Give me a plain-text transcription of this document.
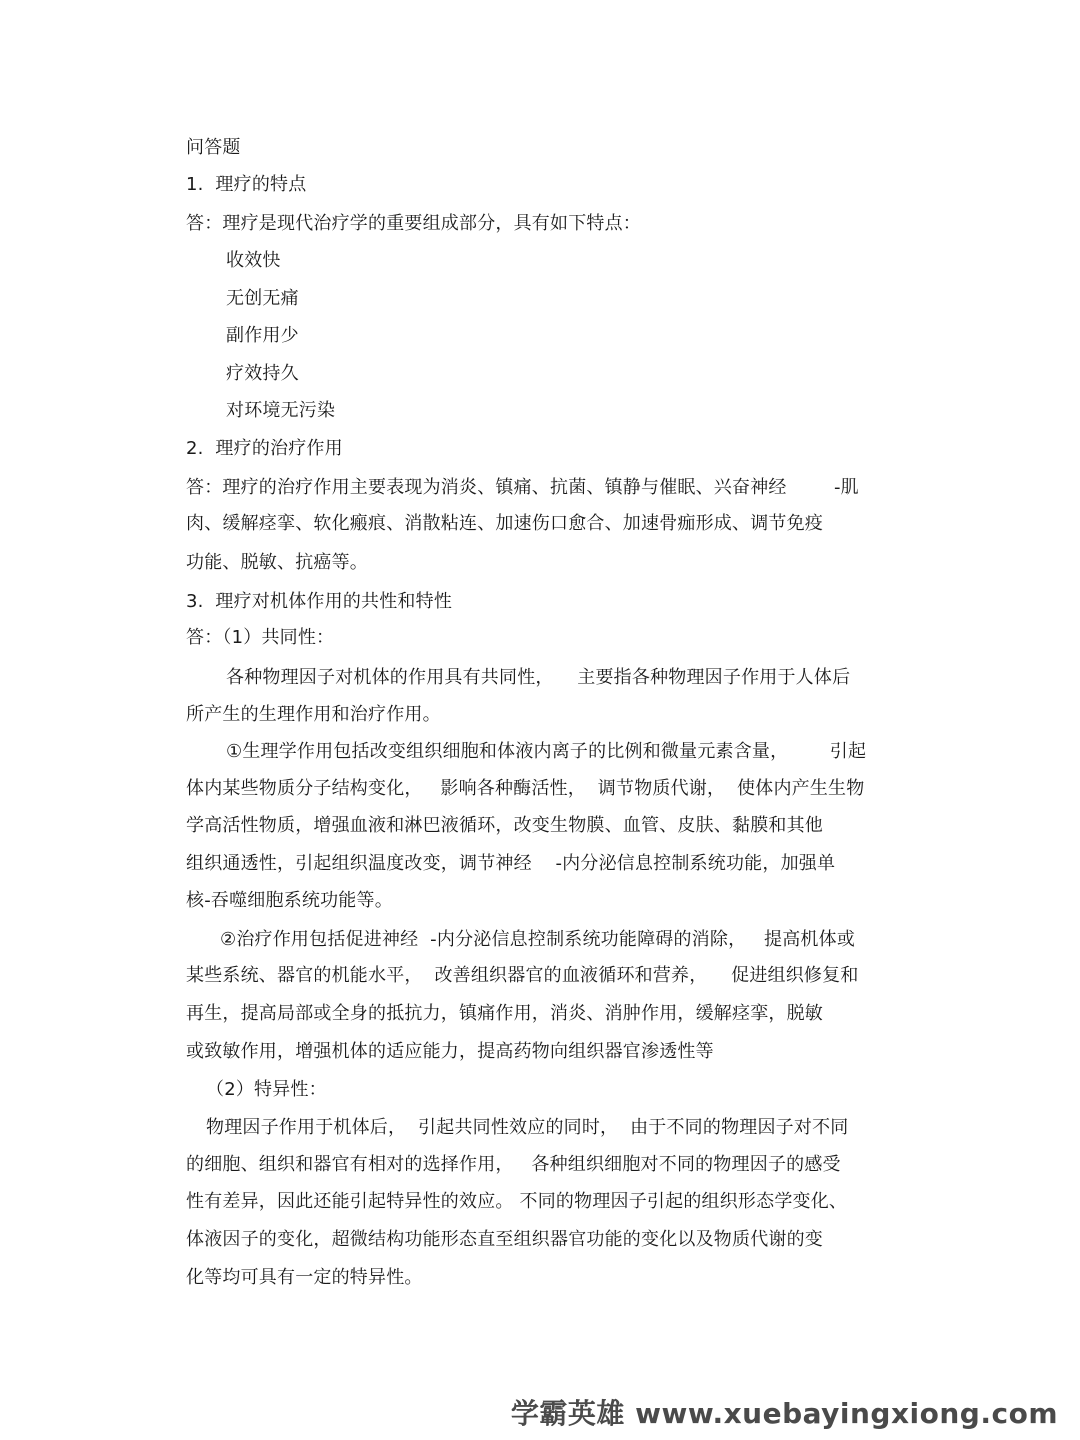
问答题
1.  理疗的特点
答：理疗是现代治疗学的重要组成部分，具有如下特点：
收效快
无创无痛
副作用少
疗效持久
对环境无污染
2.  理疗的治疗作用
答：理疗的治疗作用主要表现为消炎、镇痛、抗菌、镇静与催眠、兴奋神经        -肌
肉、缓解痉挛、软化瘢痕、消散粘连、加速伤口愈合、加速骨痂形成、调节免疫
功能、脱敏、抗癌等。
3.  理疗对机体作用的共性和特性
答：（1）共同性：
各种物理因子对机体的作用具有共同性，    主要指各种物理因子作用于人体后
所产生的生理作用和治疗作用。
①生理学作用包括改变组织细胞和体液内离子的比例和微量元素含量，       引起
体内某些物质分子结构变化，   影响各种酶活性，  调节物质代谢，  使体内产生生物
学高活性物质，增强血液和淋巴液循环，改变生物膜、血管、皮肤、黏膜和其他
组织通透性，引起组织温度改变，调节神经    -内分泌信息控制系统功能，加强单
核-吞噬细胞系统功能等。
②治疗作用包括促进神经  -内分泌信息控制系统功能障碍的消除，   提高机体或
某些系统、器官的机能水平，  改善组织器官的血液循环和营养，    促进组织修复和
再生，提高局部或全身的抵抗力，镇痛作用，消炎、消肿作用，缓解痉挛，脱敏
或致敏作用，增强机体的适应能力，提高药物向组织器官渗透性等
（2）特异性：
物理因子作用于机体后，  引起共同性效应的同时，  由于不同的物理因子对不同
的细胞、组织和器官有相对的选择作用，   各种组织细胞对不同的物理因子的感受
性有差异，因此还能引起特异性的效应。 不同的物理因子引起的组织形态学变化、
体液因子的变化，超微结构功能形态直至组织器官功能的变化以及物质代谢的变
化等均可具有一定的特异性。
学霸英雄 www.xuebayingxiong.com
